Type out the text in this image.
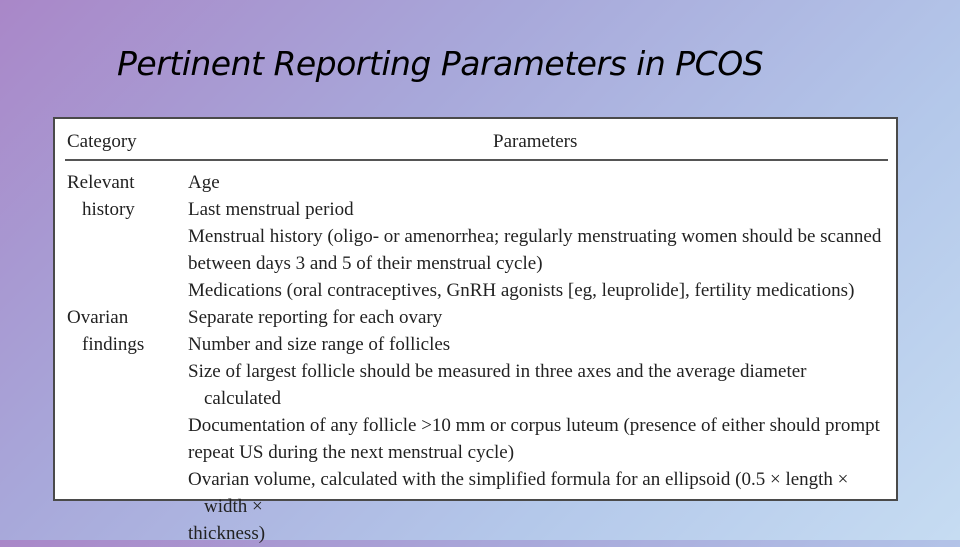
Pertinent Reporting Parameters in PCOS
Category	Parameters
Relevant
history
Age
Last menstrual period
Menstrual history (oligo- or amenorrhea; regularly menstruating women should be scanned
between days 3 and 5 of their menstrual cycle)
Medications (oral contraceptives, GnRH agonists [eg, leuprolide], fertility medications)
Ovarian
findings
Separate reporting for each ovary
Number and size range of follicles
Size of largest follicle should be measured in three axes and the average diameter calculated
Documentation of any follicle >10 mm or corpus luteum (presence of either should prompt
repeat US during the next menstrual cycle)
Ovarian volume, calculated with the simplified formula for an ellipsoid (0.5 × length × width ×
thickness)
